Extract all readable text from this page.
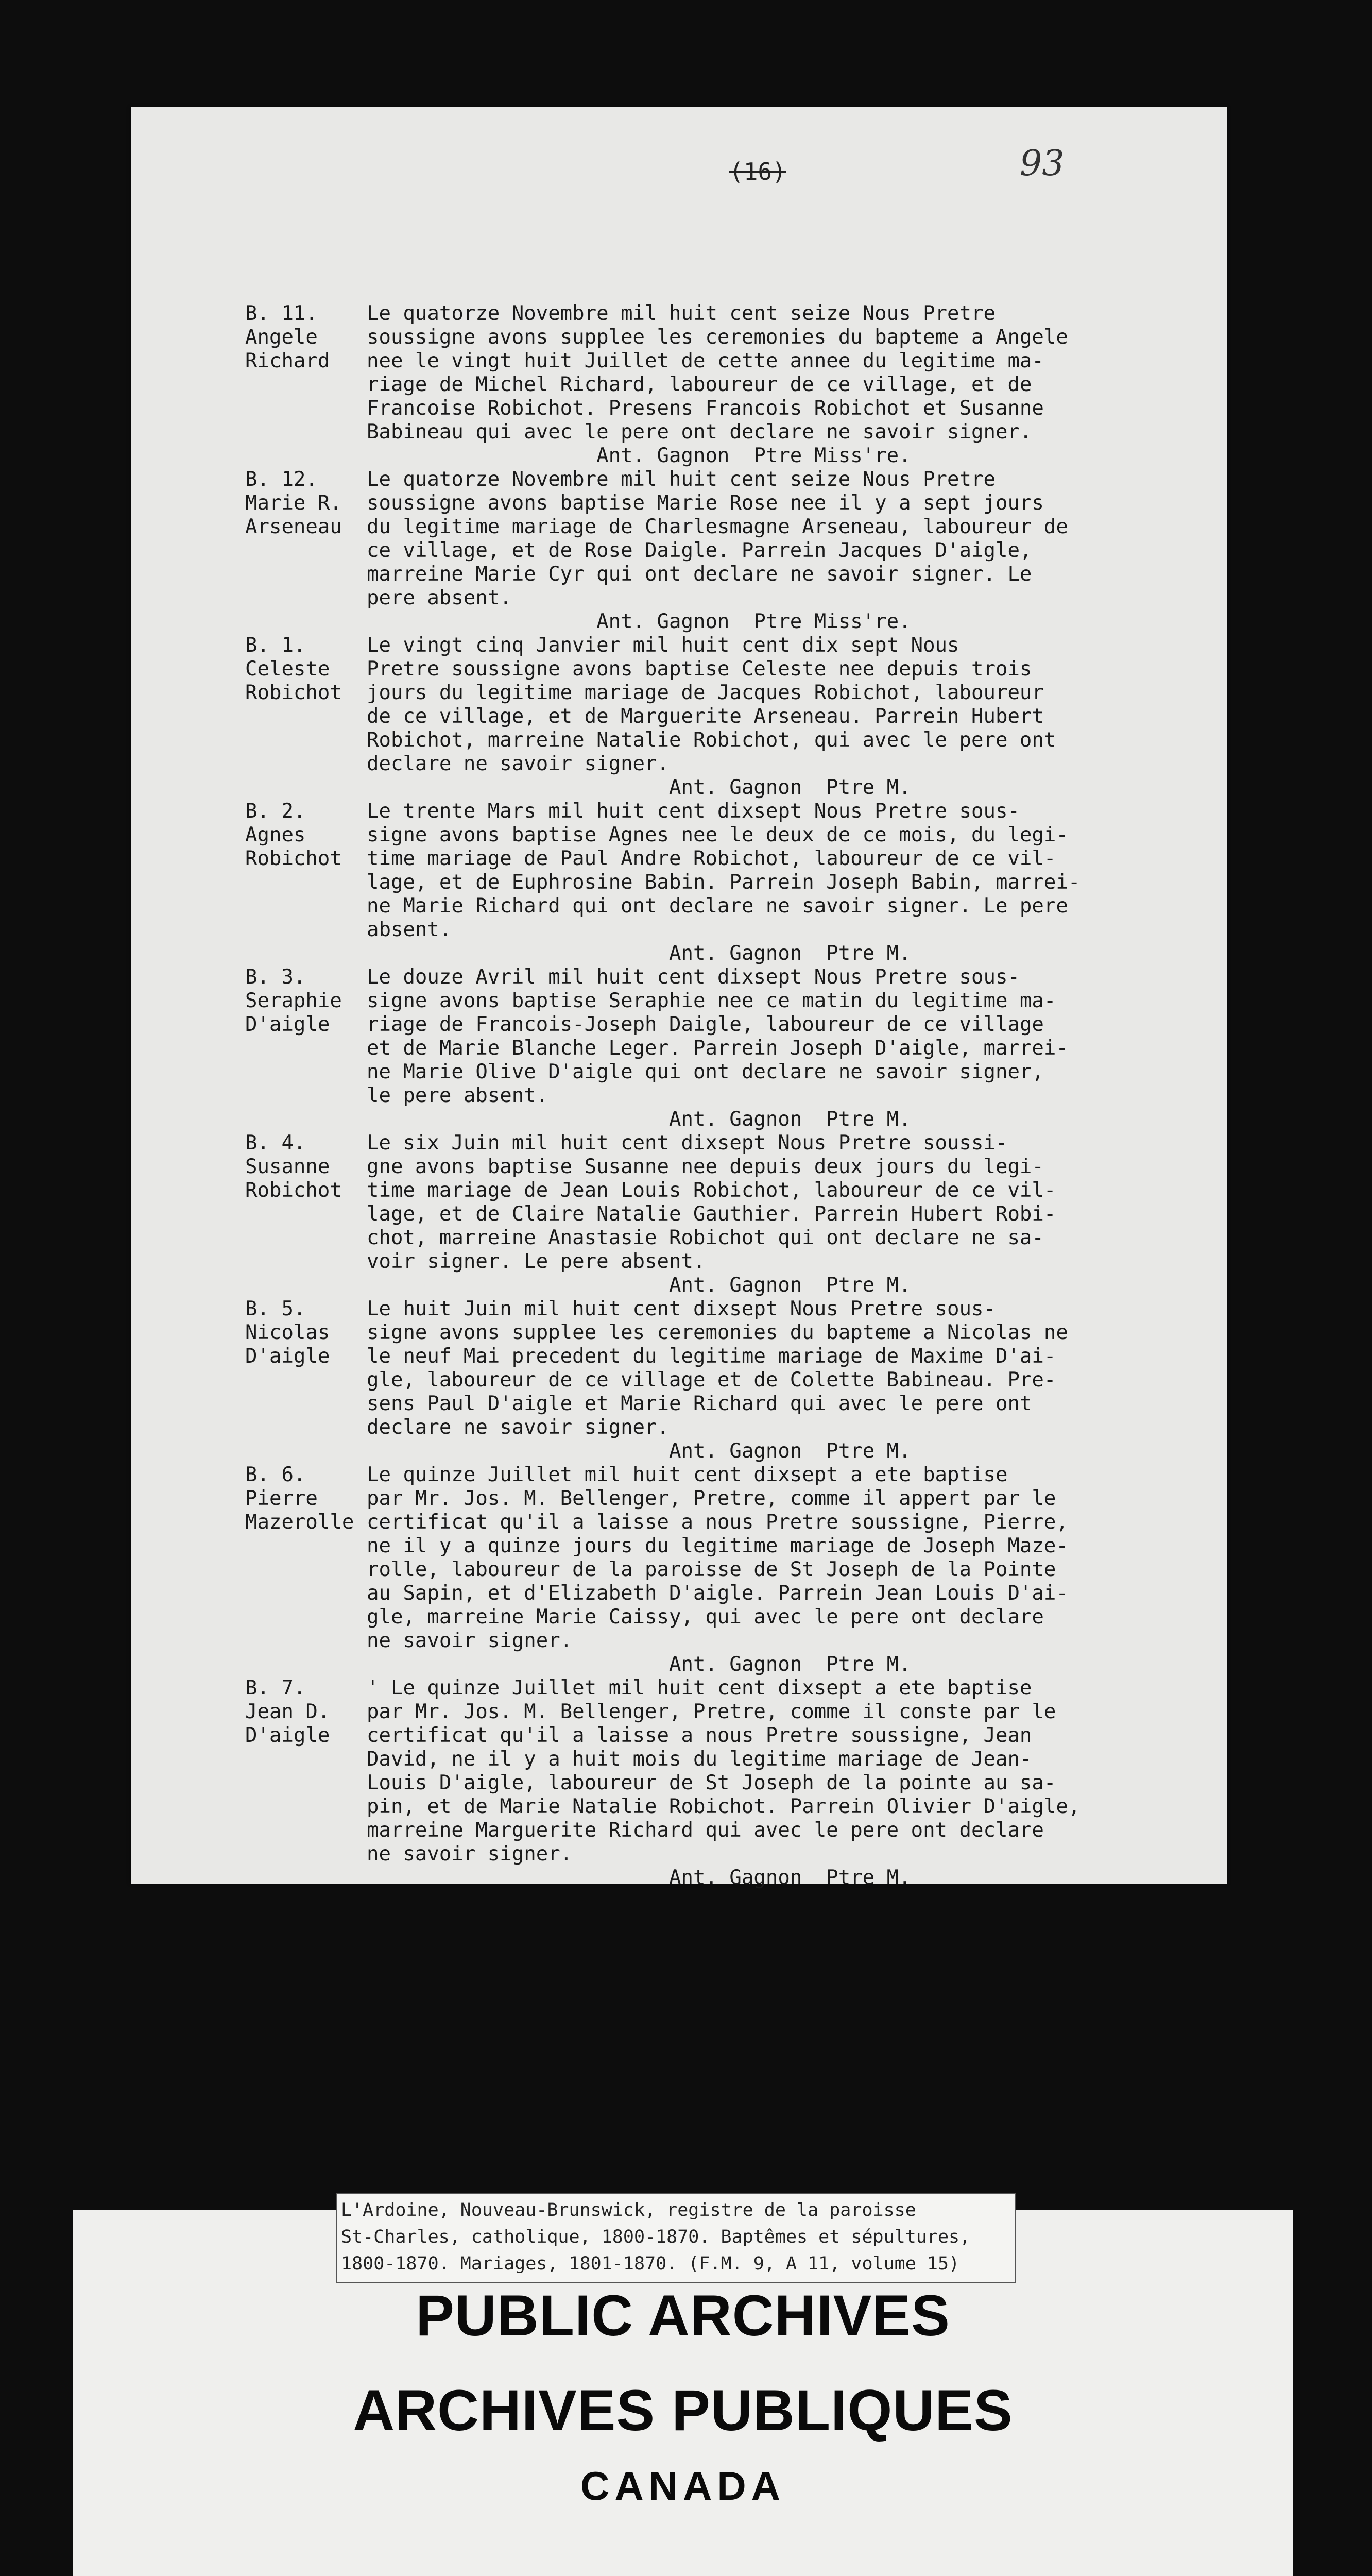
(16)	93
B. 11.
Angele
Richard
Le quatorze Novembre mil huit cent seize Nous Pretre
soussigne avons supplee les ceremonies du bapteme a Angele
nee le vingt huit Juillet de cette annee du legitime ma-
riage de Michel Richard, laboureur de ce village, et de
Francoise Robichot. Presens Francois Robichot et Susanne
Babineau qui avec le pere ont declare ne savoir signer.
Ant. Gagnon  Ptre Miss're.
B. 12.
Marie R.
Arseneau
Le quatorze Novembre mil huit cent seize Nous Pretre
soussigne avons baptise Marie Rose nee il y a sept jours
du legitime mariage de Charlesmagne Arseneau, laboureur de
ce village, et de Rose Daigle. Parrein Jacques D'aigle,
marreine Marie Cyr qui ont declare ne savoir signer. Le
pere absent.
Ant. Gagnon  Ptre Miss're.
B. 1.
Celeste
Robichot
Le vingt cinq Janvier mil huit cent dix sept Nous
Pretre soussigne avons baptise Celeste nee depuis trois
jours du legitime mariage de Jacques Robichot, laboureur
de ce village, et de Marguerite Arseneau. Parrein Hubert
Robichot, marreine Natalie Robichot, qui avec le pere ont
declare ne savoir signer.
Ant. Gagnon  Ptre M.
B. 2.
Agnes
Robichot
Le trente Mars mil huit cent dixsept Nous Pretre sous-
signe avons baptise Agnes nee le deux de ce mois, du legi-
time mariage de Paul Andre Robichot, laboureur de ce vil-
lage, et de Euphrosine Babin. Parrein Joseph Babin, marrei-
ne Marie Richard qui ont declare ne savoir signer. Le pere
absent.
Ant. Gagnon  Ptre M.
B. 3.
Seraphie
D'aigle
Le douze Avril mil huit cent dixsept Nous Pretre sous-
signe avons baptise Seraphie nee ce matin du legitime ma-
riage de Francois-Joseph Daigle, laboureur de ce village
et de Marie Blanche Leger. Parrein Joseph D'aigle, marrei-
ne Marie Olive D'aigle qui ont declare ne savoir signer,
le pere absent.
Ant. Gagnon  Ptre M.
B. 4.
Susanne
Robichot
Le six Juin mil huit cent dixsept Nous Pretre soussi-
gne avons baptise Susanne nee depuis deux jours du legi-
time mariage de Jean Louis Robichot, laboureur de ce vil-
lage, et de Claire Natalie Gauthier. Parrein Hubert Robi-
chot, marreine Anastasie Robichot qui ont declare ne sa-
voir signer. Le pere absent.
Ant. Gagnon  Ptre M.
B. 5.
Nicolas
D'aigle
Le huit Juin mil huit cent dixsept Nous Pretre sous-
signe avons supplee les ceremonies du bapteme a Nicolas ne
le neuf Mai precedent du legitime mariage de Maxime D'ai-
gle, laboureur de ce village et de Colette Babineau. Pre-
sens Paul D'aigle et Marie Richard qui avec le pere ont
declare ne savoir signer.
Ant. Gagnon  Ptre M.
B. 6.
Pierre
Mazerolle
Le quinze Juillet mil huit cent dixsept a ete baptise
par Mr. Jos. M. Bellenger, Pretre, comme il appert par le
certificat qu'il a laisse a nous Pretre soussigne, Pierre,
ne il y a quinze jours du legitime mariage de Joseph Maze-
rolle, laboureur de la paroisse de St Joseph de la Pointe
au Sapin, et d'Elizabeth D'aigle. Parrein Jean Louis D'ai-
gle, marreine Marie Caissy, qui avec le pere ont declare
ne savoir signer.
Ant. Gagnon  Ptre M.
B. 7.
Jean D.
D'aigle
' Le quinze Juillet mil huit cent dixsept a ete baptise
par Mr. Jos. M. Bellenger, Pretre, comme il conste par le
certificat qu'il a laisse a nous Pretre soussigne, Jean
David, ne il y a huit mois du legitime mariage de Jean-
Louis D'aigle, laboureur de St Joseph de la pointe au sa-
pin, et de Marie Natalie Robichot. Parrein Olivier D'aigle,
marreine Marguerite Richard qui avec le pere ont declare
ne savoir signer.
Ant. Gagnon  Ptre M.
L'Ardoine, Nouveau-Brunswick, registre de la paroisse
St-Charles, catholique, 1800-1870. Baptêmes et sépultures,
1800-1870. Mariages, 1801-1870. (F.M. 9, A 11, volume 15)
PUBLIC ARCHIVES
ARCHIVES PUBLIQUES
CANADA
